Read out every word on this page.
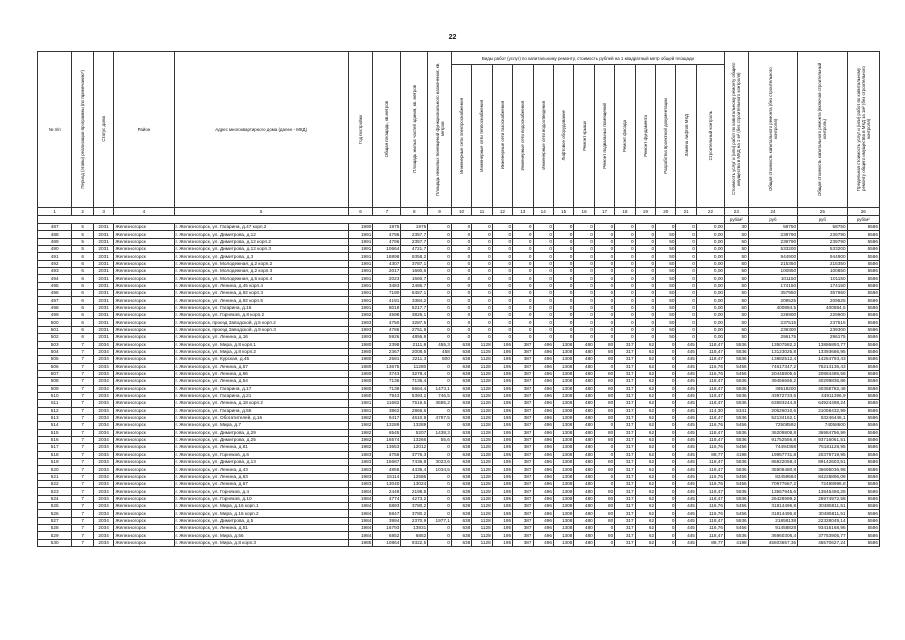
22
№ п/п	Период (этапы) реализации программы (по примечанию*)	Статус дома	Район	Адрес многоквартирного дома (далее - МКД)	Год постройки	Общая площадь, кв.метров	Площадь жилых частей здания, кв. метров	Площадь нежилых помещений функционального назначения, кв. метров	Виды работ (услуг) по капитальному ремонту, стоимость рублей на 1 квадратный метр общей площади													Стоимость услуг и (или) работ по капитальному ремонту общего имущества в МКД на 1 м² (без строительного контроля)	Общая стоимость капитального ремонта (без строительного контроля)	Общая стоимость капитального ремонта (включая строительный контроль)	Предельная стоимость услуг и (или) работ по капитальному ремонту общего имущества в МКД за 1м² (без строительного контроля)
									Инженерные сети электроснабжения	Инженерные сети теплоснабжения	Инженерные сети газоснабжения	Инженерные сети водоснабжения	Инженерные сети водоотведения	Лифтовое оборудование	Ремонт крыши	Ремонт подвальных помещений	Ремонт фасада	Ремонт фундамента	Разработка проектной документации	Замена лифтов МКД	Строительный контроль				
1	2	3	4	5	6	7	8	9	10	11	12	13	14	15	16	17	18	19	20	21	22	23	24	25	26
																						руб/м²	руб	руб	руб/м²
487	5	2031	Железногорск	г. Железногорск, ул. Гагарина, д.47 корп.2	1990	1975	1975	0	0	0	0	0	0	0	0	0	0	0	0	0	0,00	30	58750	58750	5586
488	5	2031	Железногорск	г. Железногорск, ул. Димитрова, д.12	1991	4796	2357,7	0	0	0	0	0	0	0	0	0	0	0	50	0	0,00	50	239790	239790	5586
489	5	2031	Железногорск	г. Железногорск, ул. Димитрова, д.12 корп.2	1991	4796	2357,7	0	0	0	0	0	0	0	0	0	0	0	50	0	0,00	50	239790	239790	5586
490	5	2031	Железногорск	г. Железногорск, ул. Димитрова, д.12 корп.3	1991	10664	4721,7	0	0	0	0	0	0	0	0	0	0	0	50	0	0,00	50	533200	533200	5586
491	6	2031	Железногорск	г. Железногорск, ул. Димитрова, д.3	1991	18898	9358,2	0	0	0	0	0	0	0	0	0	0	0	50	0	0,00	50	944900	944900	5586
492	6	2031	Железногорск	г. Железногорск, ул. Молодежная, д.2 корп.2	1991	4307	3787,1	0	0	0	0	0	0	0	0	0	0	0	50	0	0,00	50	215350	215350	5586
493	6	2031	Железногорск	г. Железногорск, ул. Молодежная, д.2 корп.3	1991	2017	1660,6	0	0	0	0	0	0	0	0	0	0	0	50	0	0,00	50	100850	100850	5586
494	6	2031	Железногорск	г. Железногорск, ул. Молодежная, д.5 корп.4	1991	2023	1660,7	0	0	0	0	0	0	0	0	0	0	0	50	0	0,00	50	101150	101150	5586
495	6	2031	Железногорск	г. Железногорск, ул. Ленина, д.45 корп.4	1991	3483	2486,7	0	0	0	0	0	0	0	0	0	0	0	50	0	0,00	50	174150	174150	5586
496	6	2031	Железногорск	г. Железногорск, ул. Ленина, д.92 корп.3	1991	7190	5457,1	0	0	0	0	0	0	0	0	0	0	0	50	0	0,00	50	357950	357950	5586
497	6	2031	Железногорск	г. Железногорск, ул. Ленина, д.92 корп.5	1991	4191	3384,2	0	0	0	0	0	0	0	0	0	0	0	50	0	0,00	50	209525	209525	5586
498	6	2031	Железногорск	г. Железногорск, ул. Гагарина, д.16	1991	8018	5217,7	0	0	0	0	0	0	0	0	0	0	0	50	0	0,00	50	400884,5	400884,5	5586
499	6	2031	Железногорск	г. Железногорск, ул. Горняков, д.8 корп.2	1992	4598	3825,1	0	0	0	0	0	0	0	0	0	0	0	50	0	0,00	50	229900	229900	5586
500	6	2031	Железногорск	г. Железногорск, проезд Заводской, д.5 корп.2	1993	4750	3287,5	0	0	0	0	0	0	0	0	0	0	0	50	0	0,00	50	237515	237515	5586
501	6	2031	Железногорск	г. Железногорск, проезд Заводской, д.9 корп.3	1993	4786	2751,9	0	0	0	0	0	0	0	0	0	0	0	50	0	0,00	50	239300	239300	5586
502	6	2031	Железногорск	г. Железногорск, ул. Ленина, д.16	1993	5926	4856,8	0	0	0	0	0	0	0	0	0	0	0	50	0	0,00	50	296175	296175	5586
503	7	2034	Железногорск	г. Железногорск, ул. Мира, д.8 корп.1	1980	2398	2111,8	455,3	638	1128	195	387	496	1308	480	80	317	62	0	445	118,47	5536	13507582,2	13886893,77	5586
504	7	2034	Железногорск	г. Железногорск, ул. Мира, д.8 корп.2	1980	2367	2008,5	458	638	1128	195	387	496	1308	480	80	317	62	0	445	118,47	5536	13123026,8	13393686,95	5586
505	7	2034	Железногорск	г. Железногорск, ул. Курская, д.45	1980	2581	2211,3	500	638	1128	195	387	496	1308	480	80	317	62	0	445	118,47	5536	13882512,4	14254793,43	5586
506	7	2034	Железногорск	г. Железногорск, ул. Ленина, д.57	1980	13675	11280	0	638	1128	195	387	496	1308	480	0	317	62	0	445	116,76	5456	74617347,2	76214136,43	5586
507	7	2034	Железногорск	г. Железногорск, ул. Ленина, д.66	1980	3743	3278,4	0	638	1128	195	387	496	1308	480	80	317	62	0	445	116,76	5456	20446905,6	20884486,58	5586
508	7	2034	Железногорск	г. Железногорск, ул. Ленина, д.54	1980	7136	7136,4	0	638	1128	195	387	496	1308	480	80	317	62	0	445	118,47	5536	39456665,2	40299836,86	5586
509	7	2034	Железногорск	г. Железногорск, ул. Гагарина, д.17	1980	7138	5664,4	1473,1	638	1128	195	387	496	1308	480	80	317	62	0	445	118,47	5536	39518200	40358782,48	5586
510	7	2034	Железногорск	г. Железногорск, ул. Гагарина, д.21	1980	7943	5393,2	746,5	638	1128	195	387	496	1308	480	80	317	62	0	445	118,47	5536	43972733,6	44911396,9	5586
511	7	2034	Железногорск	г. Железногорск, ул. Ленина, д.18 корп.2	1981	11682	7516,6	3685,2	638	1128	195	387	496	1308	480	80	317	62	0	445	118,47	5536	63583244,8	64924498,24	5586
512	7	2034	Железногорск	г. Железногорск, ул. Гагарина, д.55	1981	3862	2866,6	0	638	1128	195	387	496	1308	480	80	317	62	0	445	114,30	5341	20626010,6	21058432,99	5586
513	7	2034	Железногорск	г. Железногорск, ул. Обогатителей, д.16	1982	9417	4610,9	4797,5	638	1128	195	387	496	1308	480	80	317	62	0	445	118,47	5536	52134162,1	53246446,1	5586
514	7	2034	Железногорск	г. Железногорск, ул. Мира, д.7	1982	13289	13289	0	638	1128	195	387	496	1308	480	0	317	62	0	445	116,76	5456	72508592	74058600	5586
515	7	2034	Железногорск	г. Железногорск, ул. Димитрова, д.29	1982	6545	5207	1438,3	638	1128	195	387	496	1308	480	80	317	62	0	445	118,47	5536	36209808,8	36984756,99	5586
516	7	2034	Железногорск	г. Железногорск, ул. Димитрова, д.25	1982	16574	13266	55,6	638	1128	195	387	496	1308	480	80	317	62	0	445	118,47	5536	91752556,8	93716061,51	5586
517	7	2034	Железногорск	г. Железногорск, ул. Ленина, д.81	1982	13653	12012	0	638	1128	195	387	496	1308	480	0	317	62	0	445	116,76	5456	74494368	76181128,95	5586
518	7	2034	Железногорск	г. Железногорск, ул. Горняков, д.6	1983	4756	3776,3	0	638	1128	195	387	496	1308	480	0	317	62	0	445	88,77	4198	19957731,8	20379719,95	5586
519	7	2034	Железногорск	г. Железногорск, ул. Димитрова, д.13	1983	15687	7436,8	3023,6	638	1128	195	387	496	1308	480	80	317	62	0	445	118,47	5536	86822058,4	89142603,51	5586
520	7	2034	Железногорск	г. Железногорск, ул. Ленина, д.43	1983	4855	4435,4	1034,5	638	1128	195	387	496	1308	480	80	317	62	0	445	118,47	5536	35908480,8	36695036,98	5586
521	7	2034	Железногорск	г. Железногорск, ул. Ленина, д.63	1983	15114	12686	0	638	1128	195	387	496	1308	480	0	317	62	0	445	116,76	5456	82459584	84228896,08	5586
522	7	2034	Железногорск	г. Железногорск, ул. Ленина, д.67	1983	13040	13024	0	638	1128	195	387	496	1308	480	0	317	62	0	445	116,76	5456	70977667,2	72498996,8	5586
523	7	2034	Железногорск	г. Железногорск, ул. Горняков, д.4	1984	2449	2198,5	0	638	1128	195	387	496	1308	480	80	317	62	0	445	118,47	5536	13557945,6	13845456,25	5586
524	7	2034	Железногорск	г. Железногорск, ул. Горняков, д.10	1984	4774	4273,2	0	638	1128	195	387	496	1308	480	80	317	62	0	445	118,47	5536	26428999,2	26974972,58	5586
525	7	2034	Железногорск	г. Железногорск, ул. Мира, д.16 корп.1	1984	5893	3780,2	0	638	1128	195	387	496	1308	480	80	317	62	0	445	116,76	5456	31814496,8	30485811,51	5586
526	7	2034	Железногорск	г. Железногорск, ул. Мира, д.16 корп.2	1984	5847	3780,2	0	638	1128	195	387	496	1308	480	80	317	62	0	445	116,76	5456	31814496,8	30485811,51	5586
527	7	2034	Железногорск	г. Железногорск, ул. Димитрова, д.5	1984	3994	2370,9	1977,1	638	1128	195	387	496	1308	480	80	317	62	0	445	118,47	5536	21858138	22328049,14	5586
528	7	2034	Железногорск	г. Железногорск, ул. Ленина, д.51	1984	16793	13931	0	638	1128	195	387	496	1308	480	0	317	62	0	445	116,76	5456	91458828	93416168,96	5586
529	7	2034	Железногорск	г. Железногорск, ул. Мира, д.56	1984	6852	6852	0	638	1128	195	387	496	1308	480	80	317	62	0	445	118,47	5536	36960306,4	37753905,77	5586
530	7	2034	Железногорск	г. Железногорск, ул. Мира, д.8 корп.3	1985	10864	9322,5	0	638	1128	195	387	496	1308	480	0	317	62	0	445	88,77	4198	45603657,36	46570627,24	5586
